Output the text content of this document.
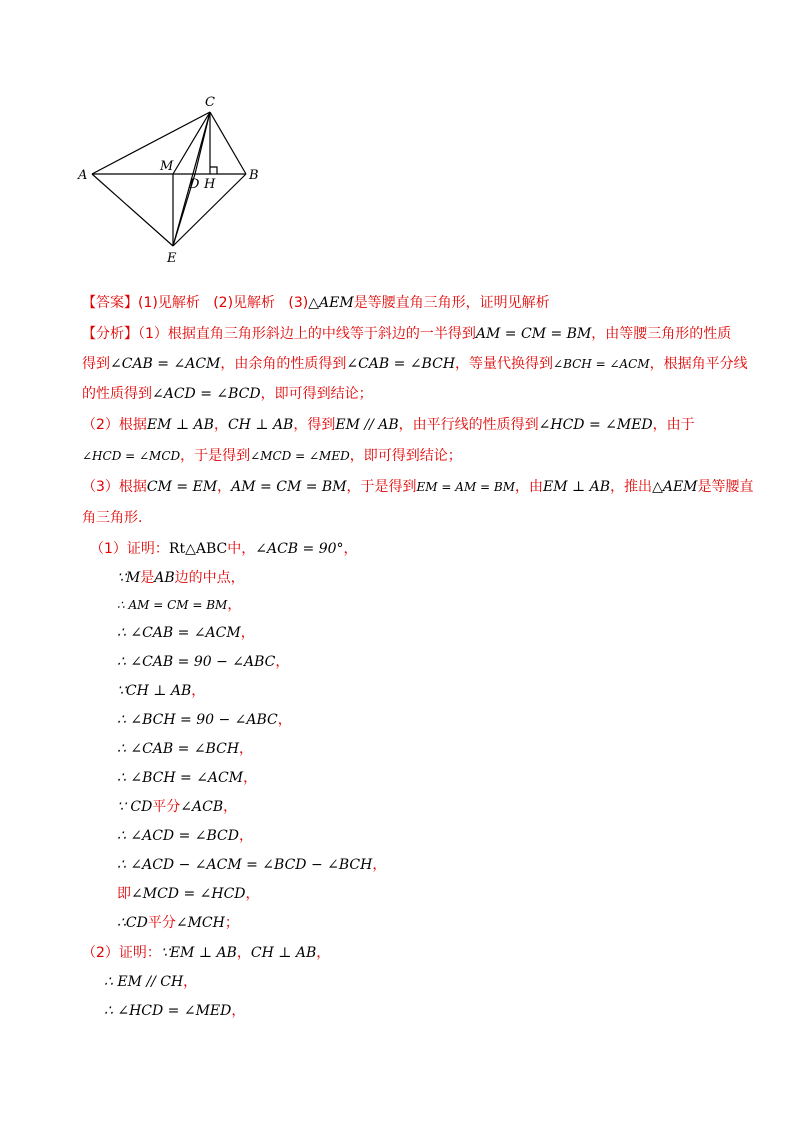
C
A
M
D H
B
E
【答案】(1)见解析 (2)见解析 (3)△AEM是等腰直角三角形，证明见解析
【分析】（1）根据直角三角形斜边上的中线等于斜边的一半得到AM = CM = BM，由等腰三角形的性质
得到∠CAB = ∠ACM，由余角的性质得到∠CAB = ∠BCH，等量代换得到∠BCH = ∠ACM，根据角平分线
的性质得到∠ACD = ∠BCD，即可得到结论；
（2）根据EM ⊥ AB，CH ⊥ AB，得到EM // AB，由平行线的性质得到∠HCD = ∠MED，由于
∠HCD = ∠MCD，于是得到∠MCD = ∠MED，即可得到结论；
（3）根据CM = EM，AM = CM = BM，于是得到EM = AM = BM，由EM ⊥ AB，推出△AEM是等腰直
角三角形.
（1）证明：Rt△ABC中，∠ACB = 90°，
∵M是AB边的中点，
∴ AM = CM = BM，
∴ ∠CAB = ∠ACM，
∴ ∠CAB = 90 − ∠ABC，
∵CH ⊥ AB，
∴ ∠BCH = 90 − ∠ABC，
∴ ∠CAB = ∠BCH，
∴ ∠BCH = ∠ACM，
∵ CD平分∠ACB，
∴ ∠ACD = ∠BCD，
∴ ∠ACD − ∠ACM = ∠BCD − ∠BCH，
即∠MCD = ∠HCD，
∴CD平分∠MCH；
（2）证明：∵EM ⊥ AB，CH ⊥ AB，
∴ EM // CH，
∴ ∠HCD = ∠MED，
